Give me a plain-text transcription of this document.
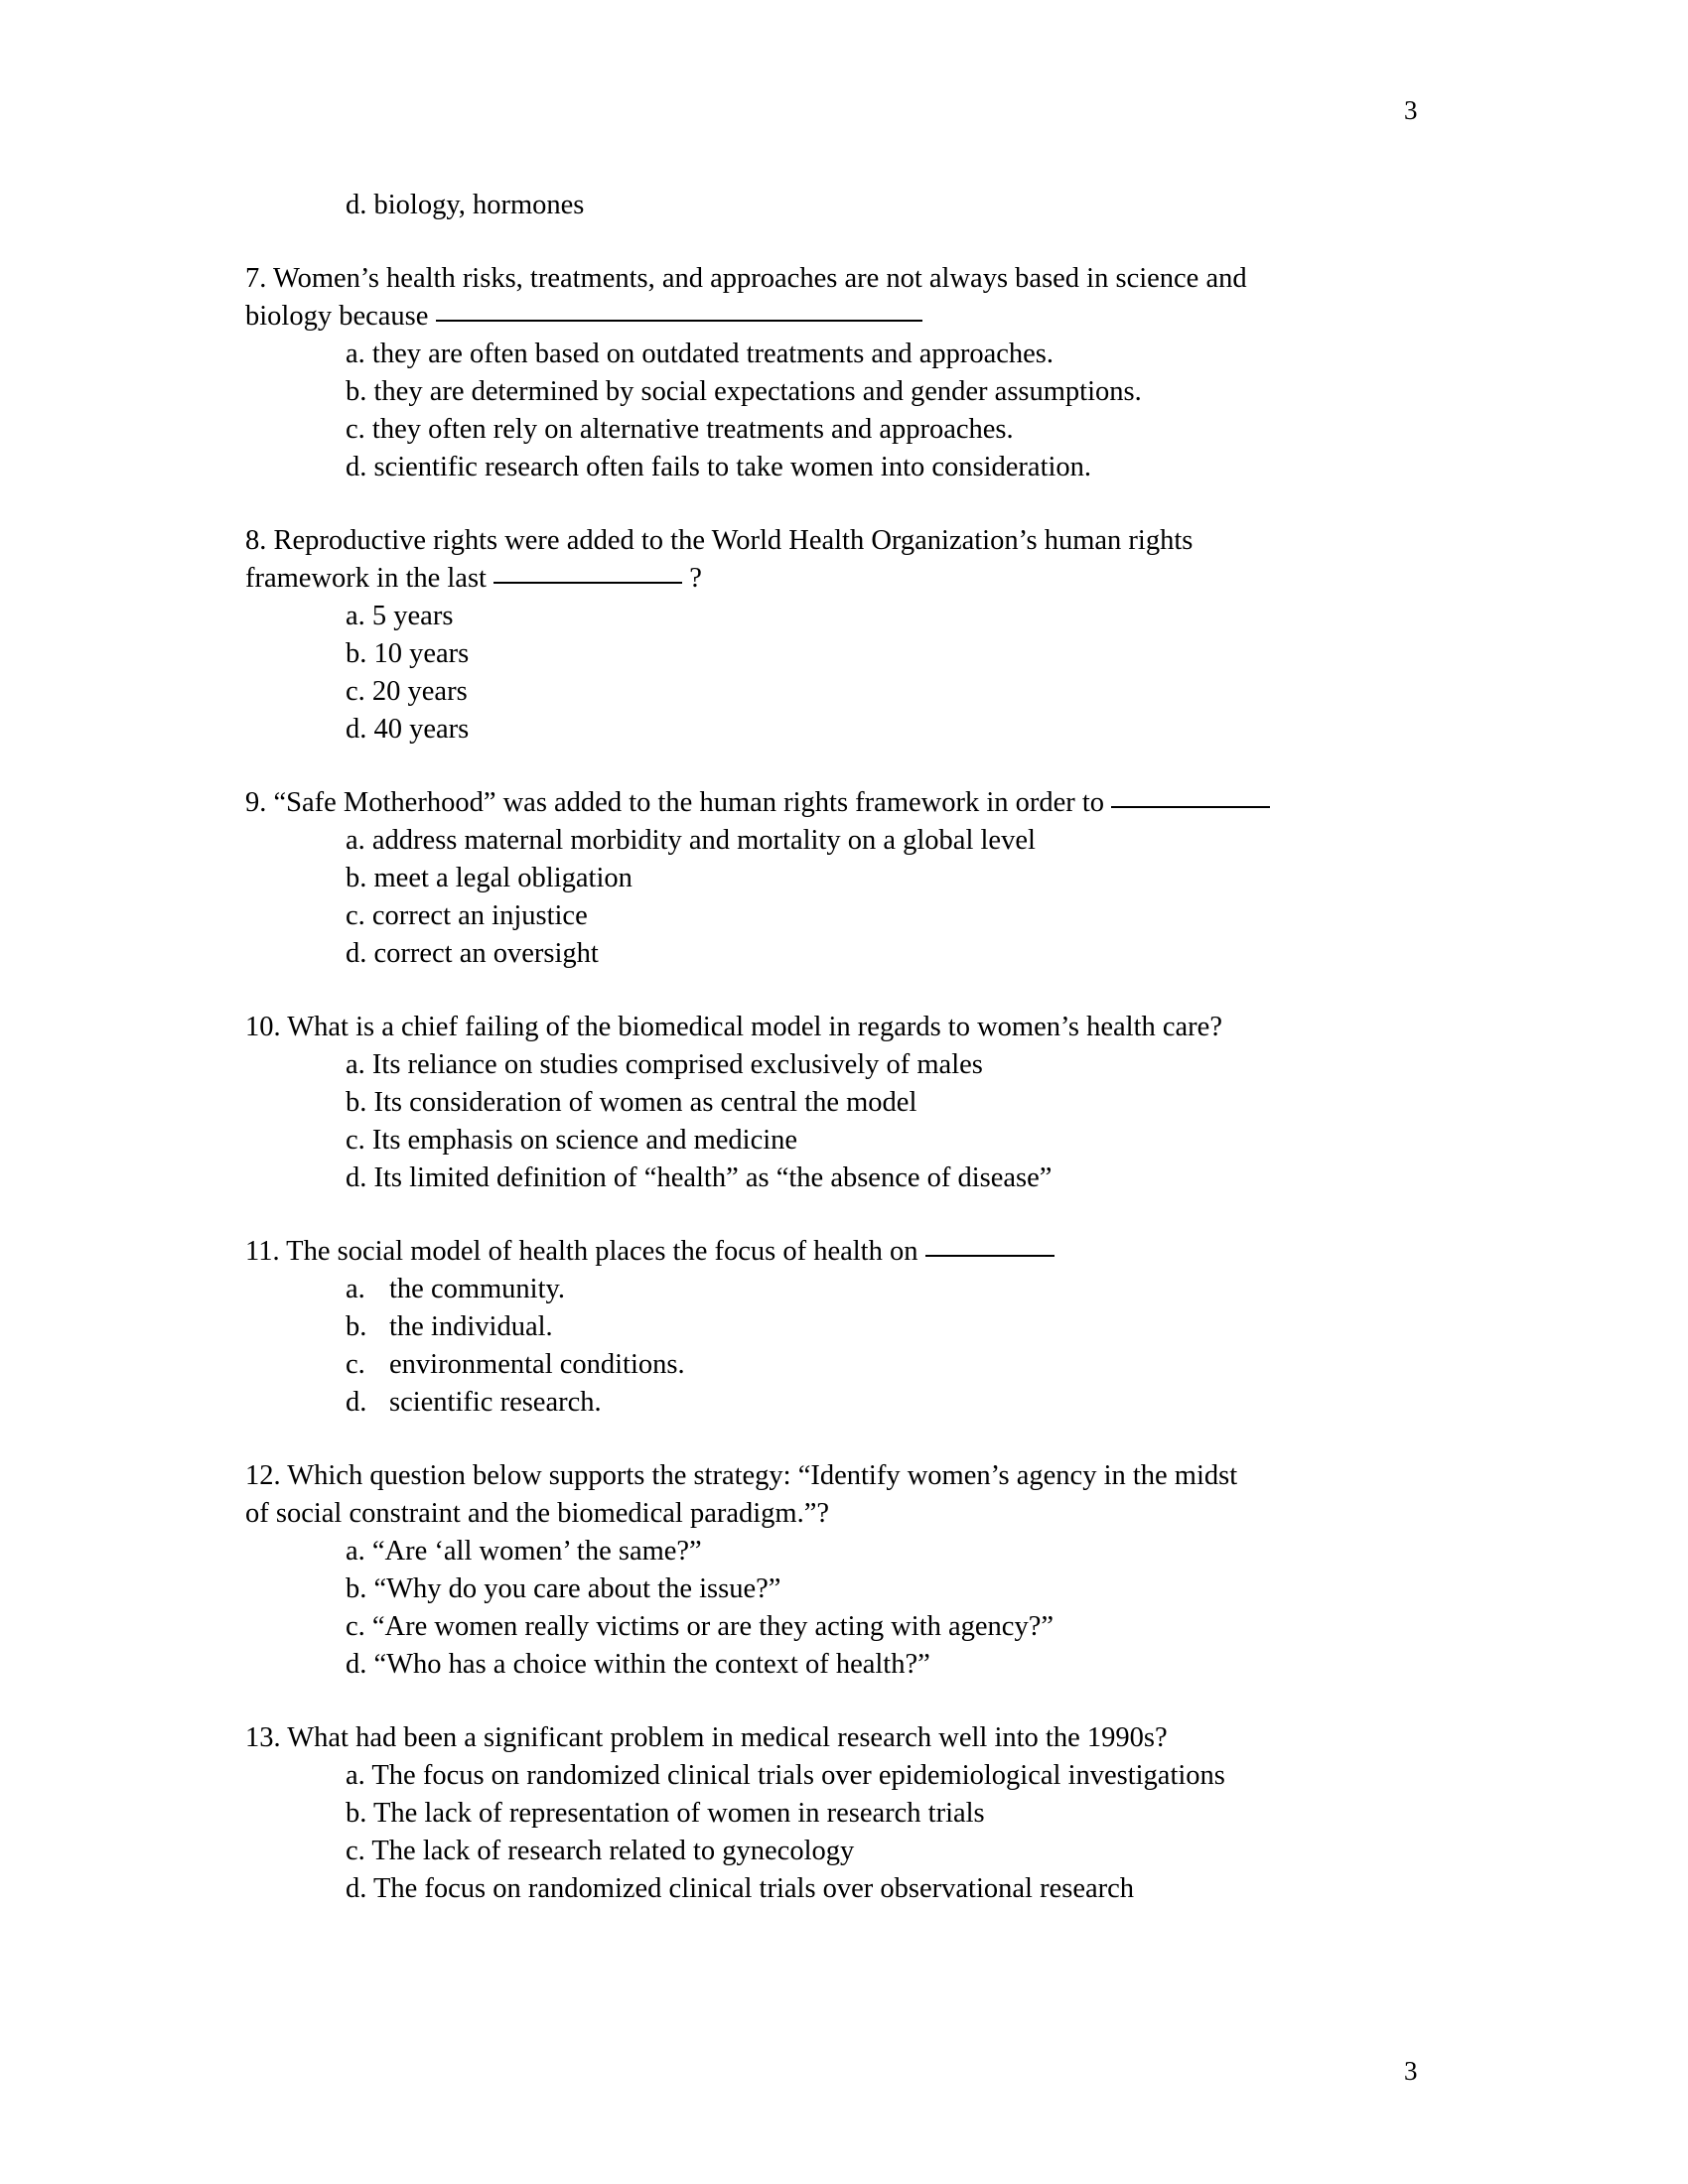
3
d. biology, hormones
7. Women’s health risks, treatments, and approaches are not always based in science and
biology because
a. they are often based on outdated treatments and approaches.
b. they are determined by social expectations and gender assumptions.
c. they often rely on alternative treatments and approaches.
d. scientific research often fails to take women into consideration.
8. Reproductive rights were added to the World Health Organization’s human rights
framework in the last	?
a. 5 years
b. 10 years
c. 20 years
d. 40 years
9. “Safe Motherhood” was added to the human rights framework in order to
a. address maternal morbidity and mortality on a global level
b. meet a legal obligation
c. correct an injustice
d. correct an oversight
10. What is a chief failing of the biomedical model in regards to women’s health care?
a. Its reliance on studies comprised exclusively of males
b. Its consideration of women as central the model
c. Its emphasis on science and medicine
d. Its limited definition of “health” as “the absence of disease”
11. The social model of health places the focus of health on
a. the community.
b. the individual.
c. environmental conditions.
d. scientific research.
12. Which question below supports the strategy: “Identify women’s agency in the midst
of social constraint and the biomedical paradigm.”?
a. “Are ‘all women’ the same?”
b. “Why do you care about the issue?”
c. “Are women really victims or are they acting with agency?”
d. “Who has a choice within the context of health?”
13. What had been a significant problem in medical research well into the 1990s?
a. The focus on randomized clinical trials over epidemiological investigations
b. The lack of representation of women in research trials
c. The lack of research related to gynecology
d. The focus on randomized clinical trials over observational research
3
